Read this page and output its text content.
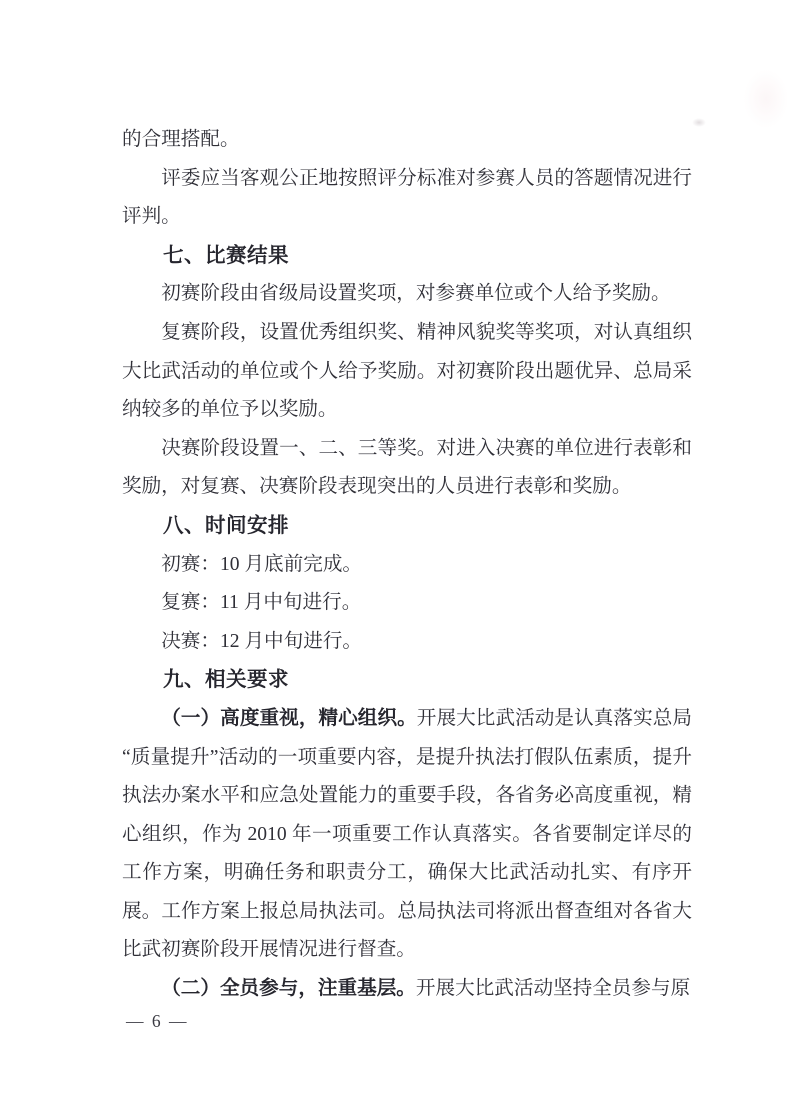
的合理搭配。

评委应当客观公正地按照评分标准对参赛人员的答题情况进行评判。

七、比赛结果

初赛阶段由省级局设置奖项，对参赛单位或个人给予奖励。

复赛阶段，设置优秀组织奖、精神风貌奖等奖项，对认真组织大比武活动的单位或个人给予奖励。对初赛阶段出题优异、总局采纳较多的单位予以奖励。

决赛阶段设置一、二、三等奖。对进入决赛的单位进行表彰和奖励，对复赛、决赛阶段表现突出的人员进行表彰和奖励。

八、时间安排

初赛：10 月底前完成。

复赛：11 月中旬进行。

决赛：12 月中旬进行。

九、相关要求

（一）高度重视，精心组织。开展大比武活动是认真落实总局“质量提升”活动的一项重要内容，是提升执法打假队伍素质，提升执法办案水平和应急处置能力的重要手段，各省务必高度重视，精心组织，作为 2010 年一项重要工作认真落实。各省要制定详尽的工作方案，明确任务和职责分工，确保大比武活动扎实、有序开展。工作方案上报总局执法司。总局执法司将派出督查组对各省大比武初赛阶段开展情况进行督查。

（二）全员参与，注重基层。开展大比武活动坚持全员参与原

— 6 —
